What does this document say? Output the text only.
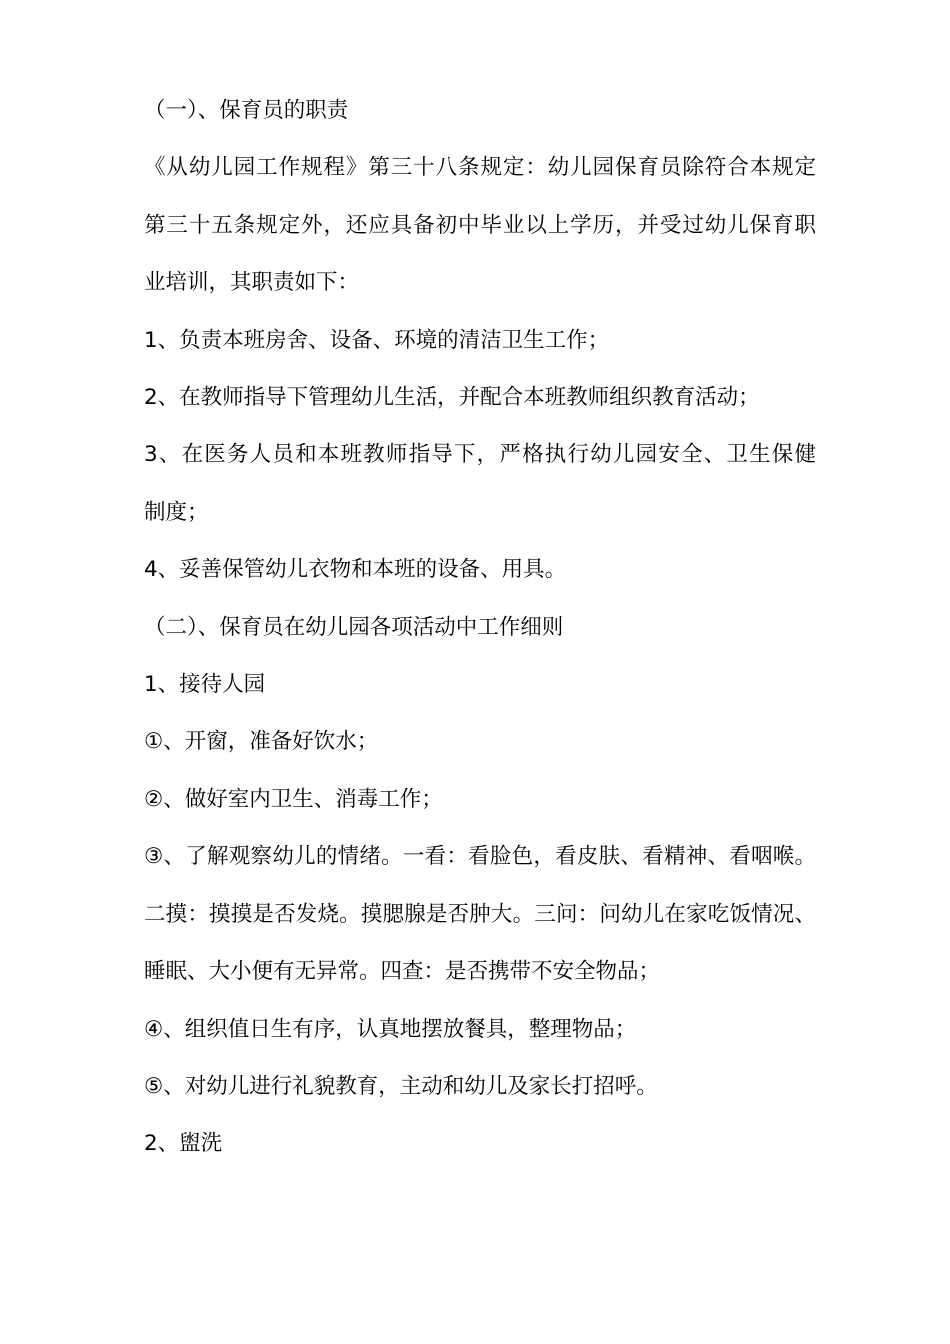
（一）、保育员的职责

《从幼儿园工作规程》第三十八条规定：幼儿园保育员除符合本规定

第三十五条规定外，还应具备初中毕业以上学历，并受过幼儿保育职

业培训，其职责如下：

1、负责本班房舍、设备、环境的清洁卫生工作；

2、在教师指导下管理幼儿生活，并配合本班教师组织教育活动；

3、在医务人员和本班教师指导下，严格执行幼儿园安全、卫生保健

制度；

4、妥善保管幼儿衣物和本班的设备、用具。

（二）、保育员在幼儿园各项活动中工作细则

1、接待人园

①、开窗，准备好饮水；

②、做好室内卫生、消毒工作；

③、了解观察幼儿的情绪。一看：看脸色，看皮肤、看精神、看咽喉。

二摸：摸摸是否发烧。摸腮腺是否肿大。三问：问幼儿在家吃饭情况、

睡眠、大小便有无异常。四查：是否携带不安全物品；

④、组织值日生有序，认真地摆放餐具，整理物品；

⑤、对幼儿进行礼貌教育，主动和幼儿及家长打招呼。

2、盥洗
